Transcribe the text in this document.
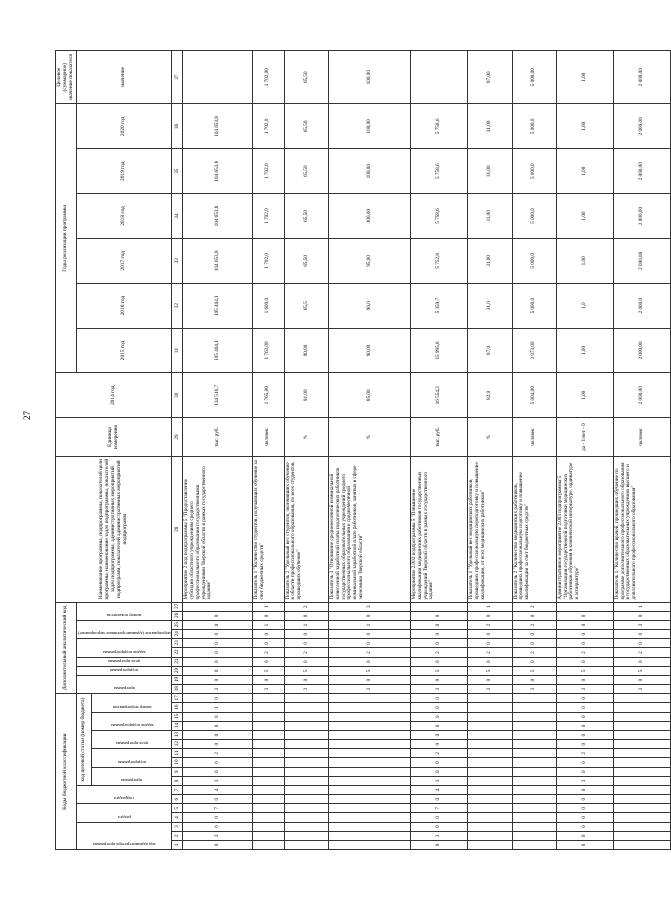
27
Коды бюджетной классификации																	Дополнительный аналитический код										Наименование программы, подпрограммы, показателей цели программы, наименование задач подпрограммы, показателей задач подпрограммы, административных мероприятий подпрограмм, показателей административных мероприятий подпрограмм	Единица измерения	2014 год	Годы реализации программы						Целевое (суммарное) значение показателя

код администратора программы			раздел		подраздел		код целевой статьи (номер бюджета)										программа		подпрограмма	цель программы	задача подпрограммы		мероприятие (административное мероприятие)		номер показателя					2015 год	2016 год	2017 год	2018 год	2019 год	2020 год	значение

							программа		подпрограмма		цель программы		задача подпрограммы		номер мероприятия																					

1	2	3	4	5	6	7	8	9	10	11	12	13	14	15	16	17	18	19	20	21	22	23	24	25	26	27	28	29	30	31	32	33	34	35	36	37
0	3	0	0	7	0	4	3	0	0	2	0	0	0	0	1	0	3	0	0	0	0	0	0	0	0		Мероприятие 2 под подпрограммы 5 "Предоставление субсидии областного учреждениям среднего профессионального образования государственными учреждениями Тверской области в рамках государственного задания"	тыс. руб.	134 516,7	105 404,1	105 404,1	104 653,8	104 653,8	104 653,8	104 653,8	
																	3	0	5	0	2	0	0	1	0	1	Показатель 1 "Количество студентов, получающих обучение за счет бюджетных средств"	человек	1 765,00	1 763,00	1 600,0	1 702,0	1 702,0	1 702,0	1 702,0	1 702,00
																	3	0	5	0	2	0	0	1	0	2	Показатель 2 "Удельный вес студентов, окончивших обучение в области профессионального образования, по всех студентов, прошедших обучение"	%	91,00	90,00	65,5	65,50	65,50	65,50	65,50	65,50
																	3	0	5	0	2	0	0	1	0	3	Показатель 3 "Отношение среднемесячной номинальной начисленной заработной платы педагогических работников государственных образовательных учреждений среднего профессионального образования к среднемесячной номинальной заработной плате работников, занятых в сфере экономики Тверской области"	%	85,00	90,00	90,0	95,00	100,00	100,00	100,00	100,00
0	3	0	0	7	0	4	3	0	0	2	0	0	0	0	0	0	3	0	5	0	2	0	0	0	0		Мероприятие 2.002 подпрограммы 5 "Повышение квалификации медицинских работников государственных учреждений Тверской области в рамках государственного задания"	тыс. руб.	16 554,2	15 995,8	5 359,7	5 752,8	5 758,6	5 758,6	5 758,6	
																	3	0	5	0	2	0	0	2	0	1	Показатель 1 "Удельный вес медицинских работников, прошедших профессиональную переподготовку и повышение квалификации, от всех медицинских работников"	%	82,0	87,0	31,0	31,00	31,00	31,00	31,00	87,00
																	3	0	5	0	2	0	0	2	0	2	Показатель 2 "Количество медицинских работников, прошедших профессиональную подготовку и повышение квалификации за счет бюджетных средств"	человек	5 004,00	3 073,00	5 000,0	5 000,0	5 000,0	5 000,0	5 000,0	5 000,00
0	0	0	0	0	0	0	3	0	0	2	0	0	0	0	0	0	3	0	5	0	2	0	0	0	0		Административное мероприятие 2.003 подпрограммы 5 "Организация государственной подготовки медицинских работников обучения в клинической интернатуре, ординатуре и аспирантуре"	да - 1/нет - 0	1,00	1,00	1,0	1,00	1,00	1,00	1,00	1,00
																	3	0	5	0	2	0	0	3	0	1	Показатель 1 "Количество врачей, прошедших обучение по программе дополнительного профессионального образования в государственных образовательных учреждениях высшего и дополнительного профессионального образования"	человек	2 000,00	2 000,00	2 000,0	2 000,00	2 000,00	2 000,00	2 000,00	2 000,00
